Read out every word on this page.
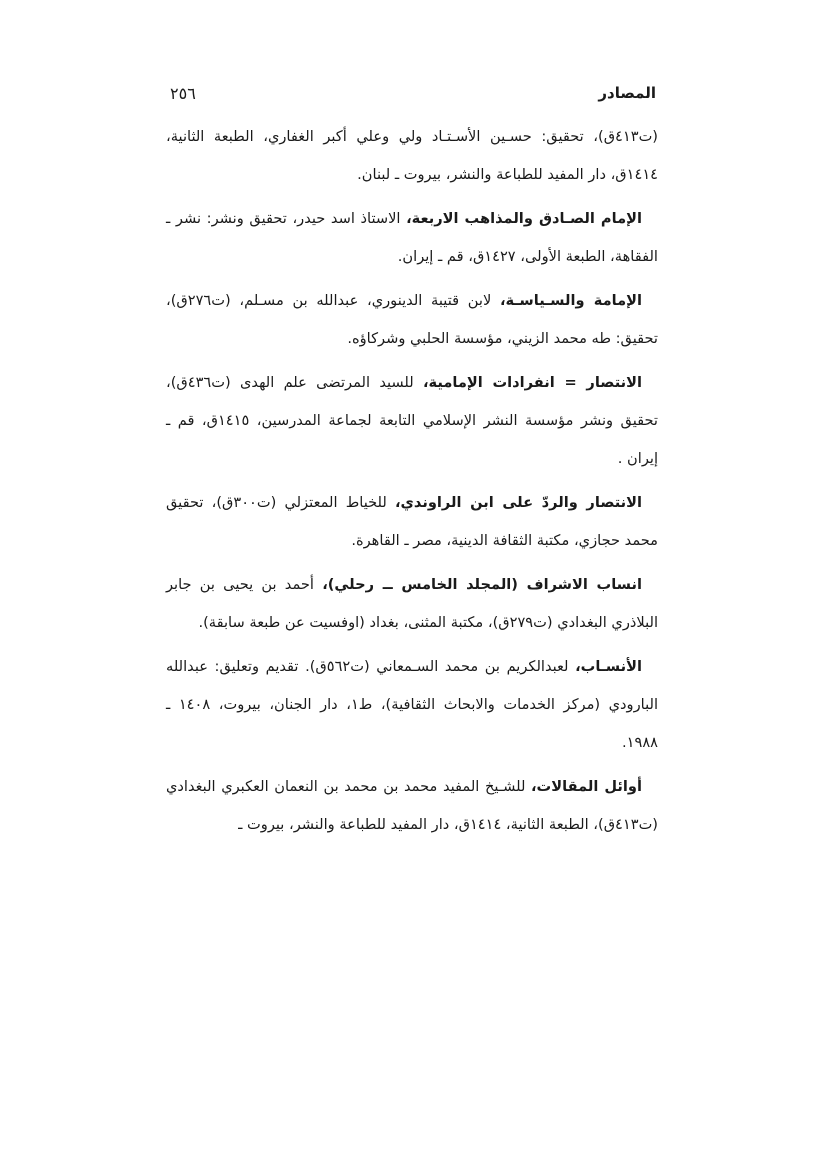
المصادر
٢٥٦

(ت٤١٣ق)، تحقيق: حسـين الأسـتـاد ولي وعلي أكبر الغفاري، الطبعة الثانية، ١٤١٤ق، دار المفيد للطباعة والنشر، بيروت ـ لبنان.

الإمام الصـادق والمذاهب الاربعة، الاستاذ اسد حيدر، تحقيق ونشر: نشر ـ الفقاهة، الطبعة الأولى، ١٤٢٧ق، قم ـ إيران.

الإمامة والسـياسـة، لابن قتيبة الدينوري، عبدالله بن مسـلم، (ت٢٧٦ق)، تحقيق: طه محمد الزيني، مؤسسة الحلبي وشركاؤه.

الانتصار = انفرادات الإمامية، للسيد المرتضى علم الهدى (ت٤٣٦ق)، تحقيق ونشر مؤسسة النشر الإسلامي التابعة لجماعة المدرسين، ١٤١٥ق، قم ـ إيران .

الانتصار والردّ على ابن الراوندي، للخياط المعتزلي (ت٣٠٠ق)، تحقيق محمد حجازي، مكتبة الثقافة الدينية، مصر ـ القاهرة.

انساب الاشراف (المجلد الخامس ــ رحلي)، أحمد بن يحيى بن جابر البلاذري البغدادي (ت٢٧٩ق)، مكتبة المثنى، بغداد (اوفسيت عن طبعة سابقة).

الأنسـاب، لعبدالكريم بن محمد السـمعاني (ت٥٦٢ق). تقديم وتعليق: عبدالله البارودي (مركز الخدمات والابحاث الثقافية)، ط١، دار الجنان، بيروت، ١٤٠٨ ـ ١٩٨٨.

أوائل المقالات، للشـيخ المفيد محمد بن محمد بن النعمان العكبري البغدادي (ت٤١٣ق)، الطبعة الثانية، ١٤١٤ق، دار المفيد للطباعة والنشر، بيروت ـ
